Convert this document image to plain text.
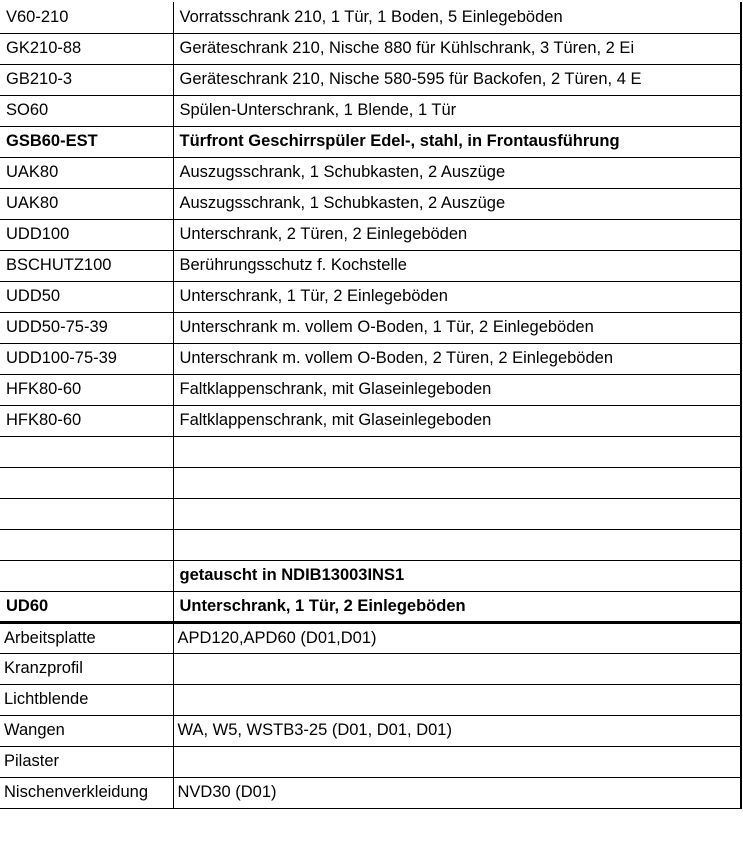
V60-210	Vorratsschrank 210, 1 Tür, 1 Boden, 5 Einlegeböden
GK210-88	Geräteschrank 210, Nische 880 für Kühlschrank, 3 Türen, 2 Ei
GB210-3	Geräteschrank 210, Nische 580-595 für Backofen, 2 Türen, 4 E
SO60	Spülen-Unterschrank, 1 Blende, 1 Tür
GSB60-EST	Türfront Geschirrspüler Edel-, stahl, in Frontausführung
UAK80	Auszugsschrank, 1 Schubkasten, 2 Auszüge
UAK80	Auszugsschrank, 1 Schubkasten, 2 Auszüge
UDD100	Unterschrank, 2 Türen, 2 Einlegeböden
BSCHUTZ100	Berührungsschutz f. Kochstelle
UDD50	Unterschrank, 1 Tür, 2 Einlegeböden
UDD50-75-39	Unterschrank m. vollem O-Boden, 1 Tür, 2 Einlegeböden
UDD100-75-39	Unterschrank m. vollem O-Boden, 2 Türen, 2 Einlegeböden
HFK80-60	Faltklappenschrank, mit Glaseinlegeboden
HFK80-60	Faltklappenschrank, mit Glaseinlegeboden

	getauscht in NDIB13003INS1
UD60	Unterschrank, 1 Tür, 2 Einlegeböden
Arbeitsplatte	APD120,APD60 (D01,D01)
Kranzprofil	
Lichtblende	
Wangen	WA, W5, WSTB3-25 (D01, D01, D01)
Pilaster	
Nischenverkleidung	NVD30 (D01)
